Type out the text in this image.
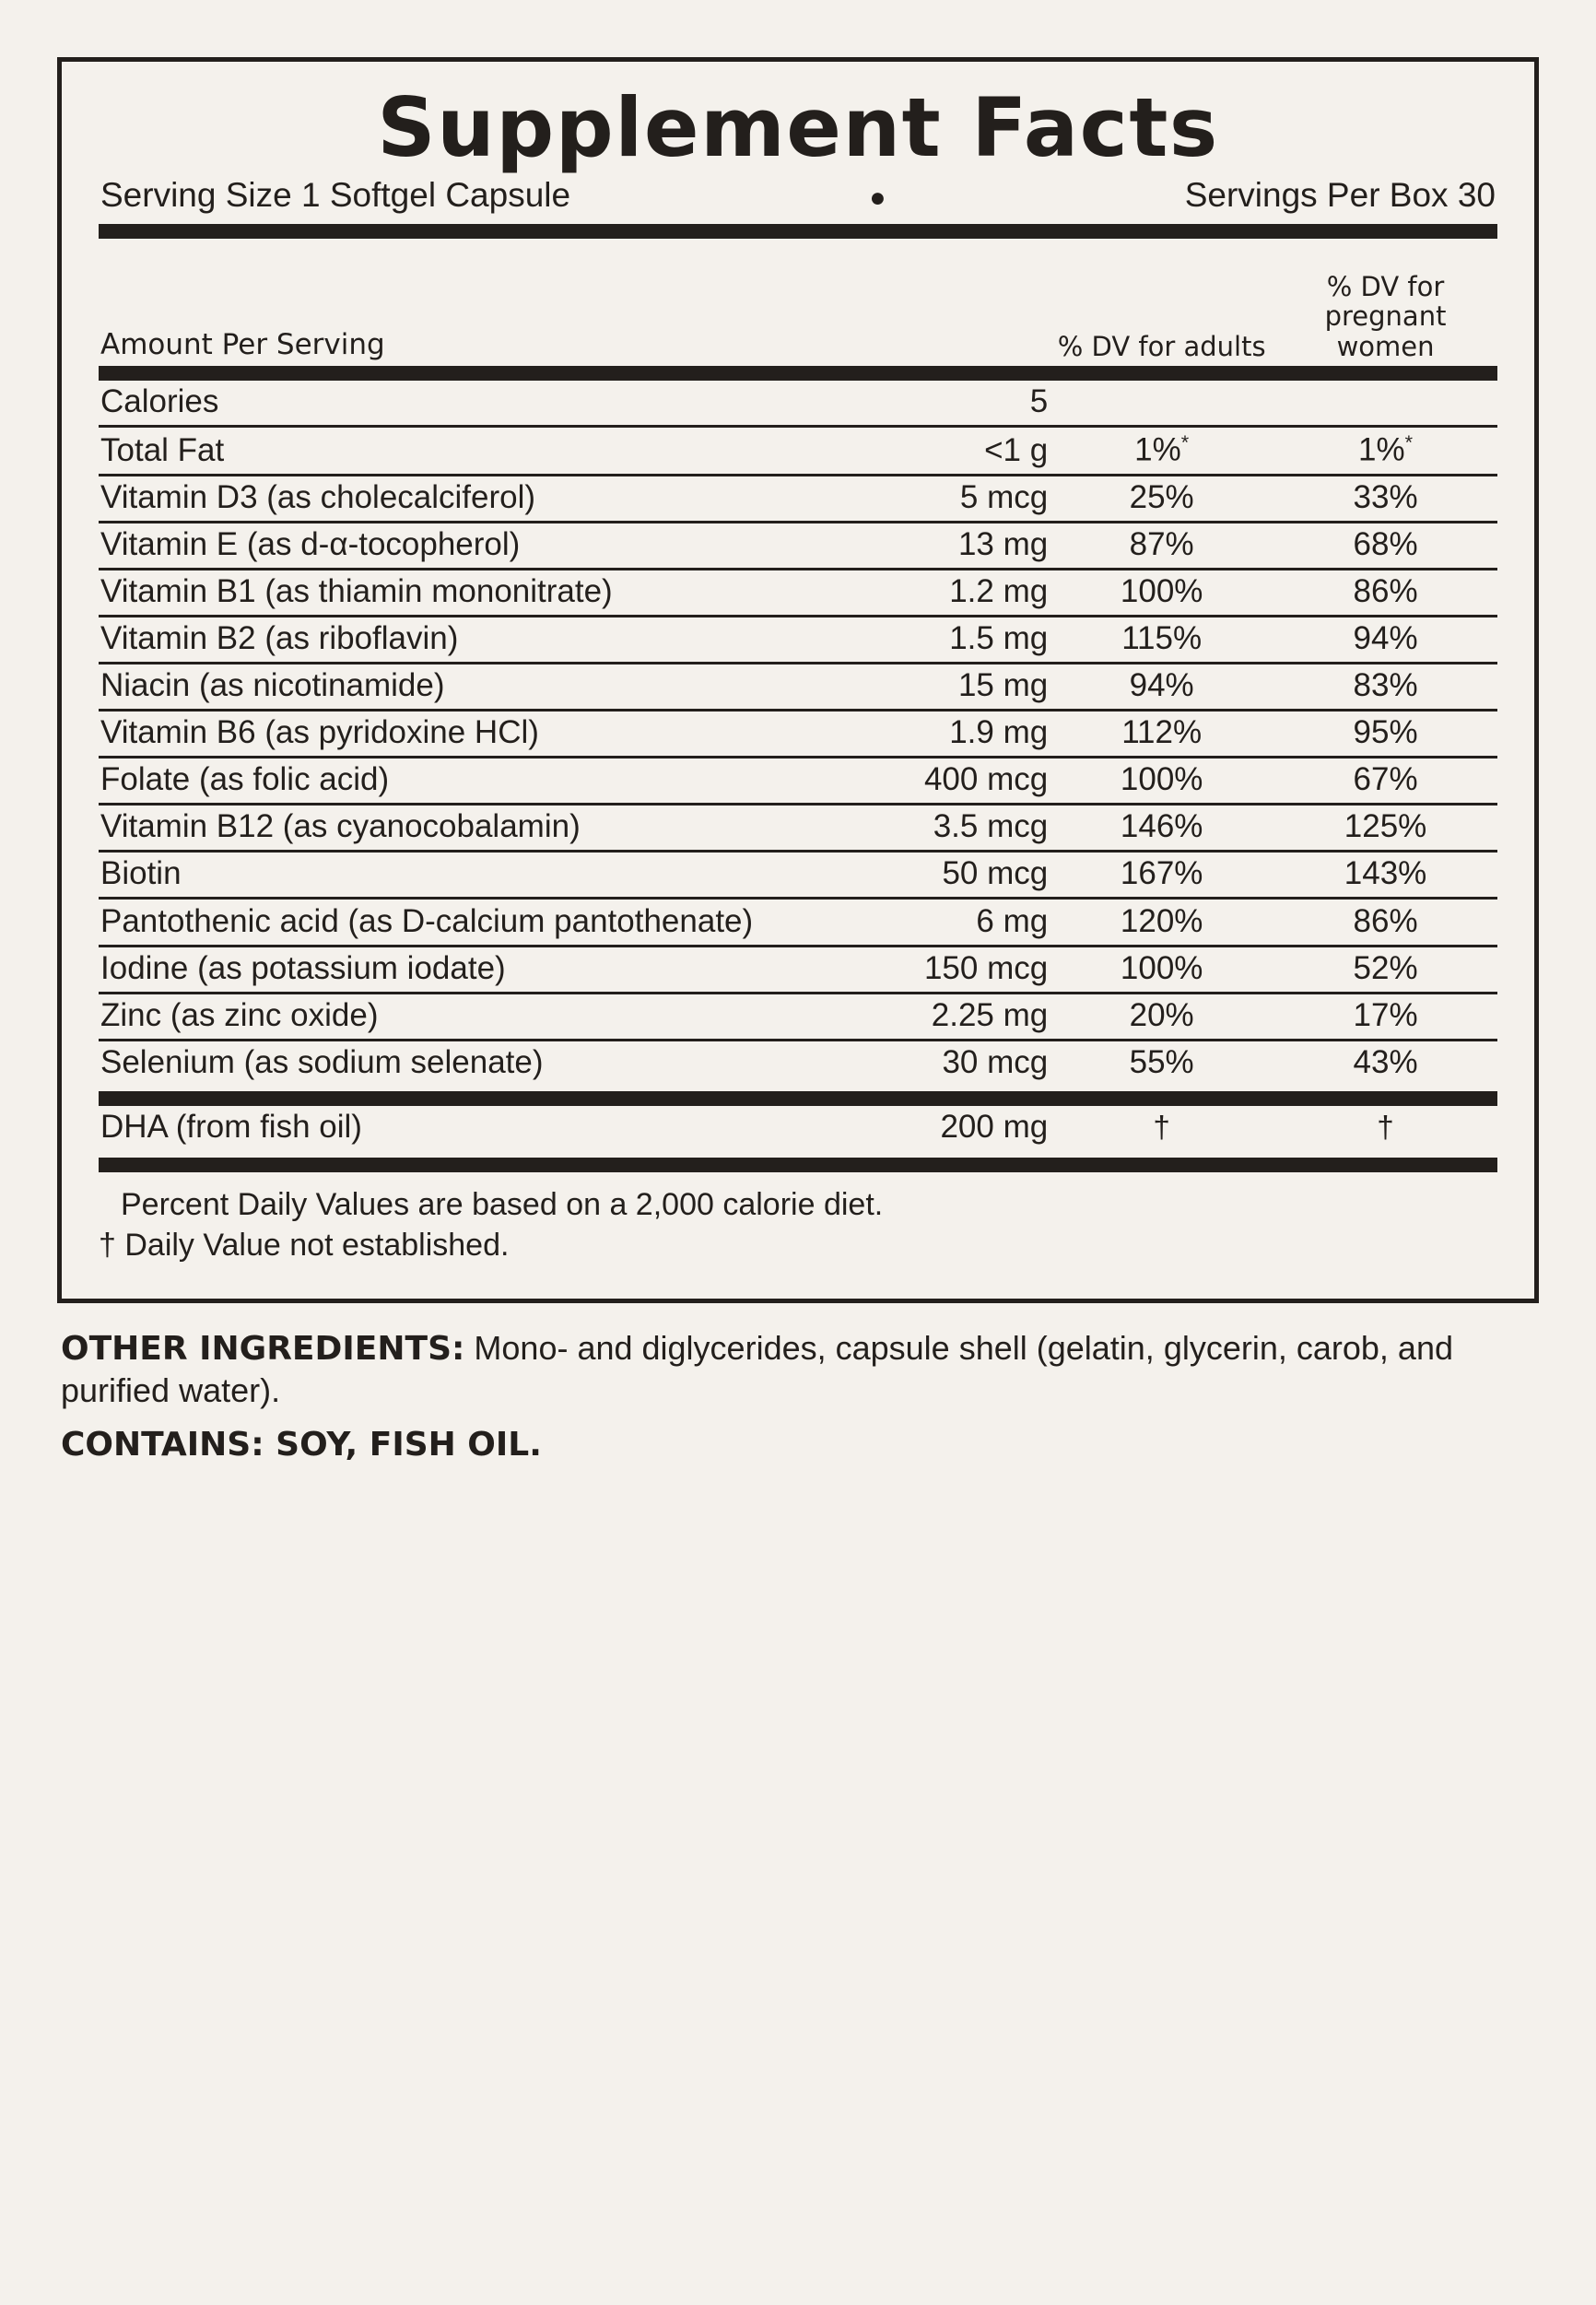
Supplement Facts
Serving Size 1 Softgel Capsule	●	Servings Per Box 30
Amount Per Serving		% DV for adults	% DV for pregnant women

Calories	5		
Total Fat	<1 g	1%*	1%*
Vitamin D3 (as cholecalciferol)	5 mcg	25%	33%
Vitamin E (as d-α-tocopherol)	13 mg	87%	68%
Vitamin B1 (as thiamin mononitrate)	1.2 mg	100%	86%
Vitamin B2 (as riboflavin)	1.5 mg	115%	94%
Niacin (as nicotinamide)	15 mg	94%	83%
Vitamin B6 (as pyridoxine HCl)	1.9 mg	112%	95%
Folate (as folic acid)	400 mcg	100%	67%
Vitamin B12 (as cyanocobalamin)	3.5 mcg	146%	125%
Biotin	50 mcg	167%	143%
Pantothenic acid (as D-calcium pantothenate)	6 mg	120%	86%
Iodine (as potassium iodate)	150 mcg	100%	52%
Zinc (as zinc oxide)	2.25 mg	20%	17%
Selenium (as sodium selenate)	30 mcg	55%	43%

DHA (from fish oil)	200 mg	†	†

Percent Daily Values are based on a 2,000 calorie diet.
† Daily Value not established.

OTHER INGREDIENTS: Mono- and diglycerides, capsule shell (gelatin, glycerin, carob, and purified water).

CONTAINS: SOY, FISH OIL.
